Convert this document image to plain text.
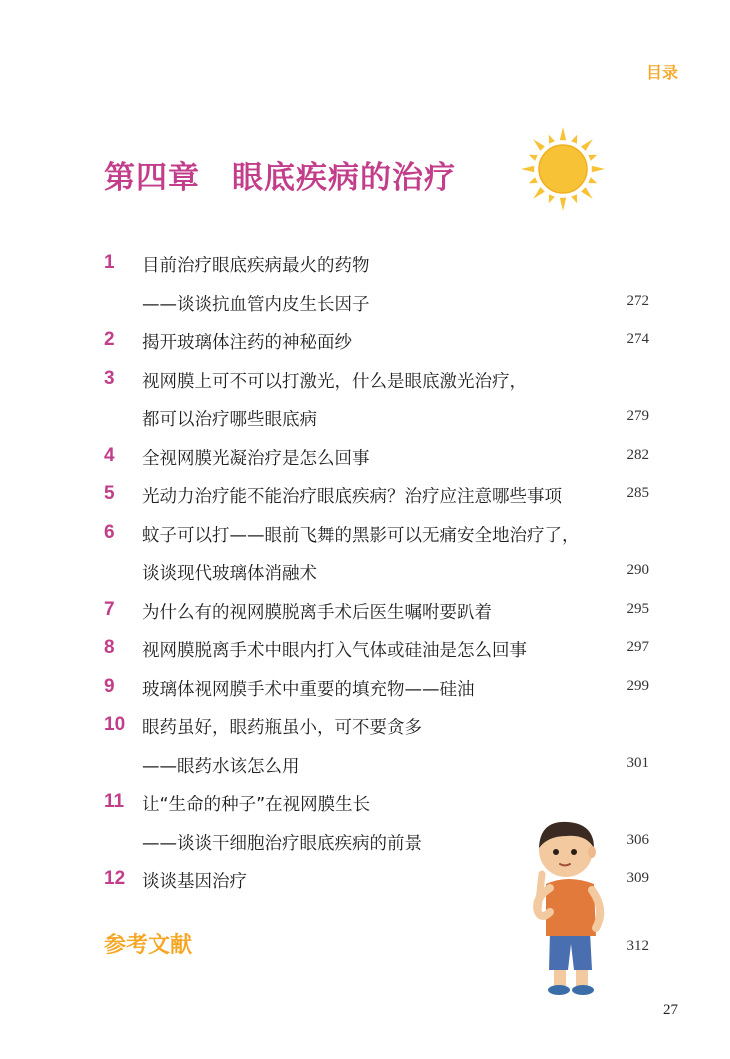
目录
第四章　眼底疾病的治疗
1 目前治疗眼底疾病最火的药物
——谈谈抗血管内皮生长因子	272
2 揭开玻璃体注药的神秘面纱	274
3 视网膜上可不可以打激光，什么是眼底激光治疗，
都可以治疗哪些眼底病	279
4 全视网膜光凝治疗是怎么回事	282
5 光动力治疗能不能治疗眼底疾病？治疗应注意哪些事项	285
6 蚊子可以打——眼前飞舞的黑影可以无痛安全地治疗了，
谈谈现代玻璃体消融术	290
7 为什么有的视网膜脱离手术后医生嘱咐要趴着	295
8 视网膜脱离手术中眼内打入气体或硅油是怎么回事	297
9 玻璃体视网膜手术中重要的填充物——硅油	299
10 眼药虽好，眼药瓶虽小，可不要贪多
——眼药水该怎么用	301
11 让“生命的种子”在视网膜生长
——谈谈干细胞治疗眼底疾病的前景	306
12 谈谈基因治疗	309
参考文献	312
27
